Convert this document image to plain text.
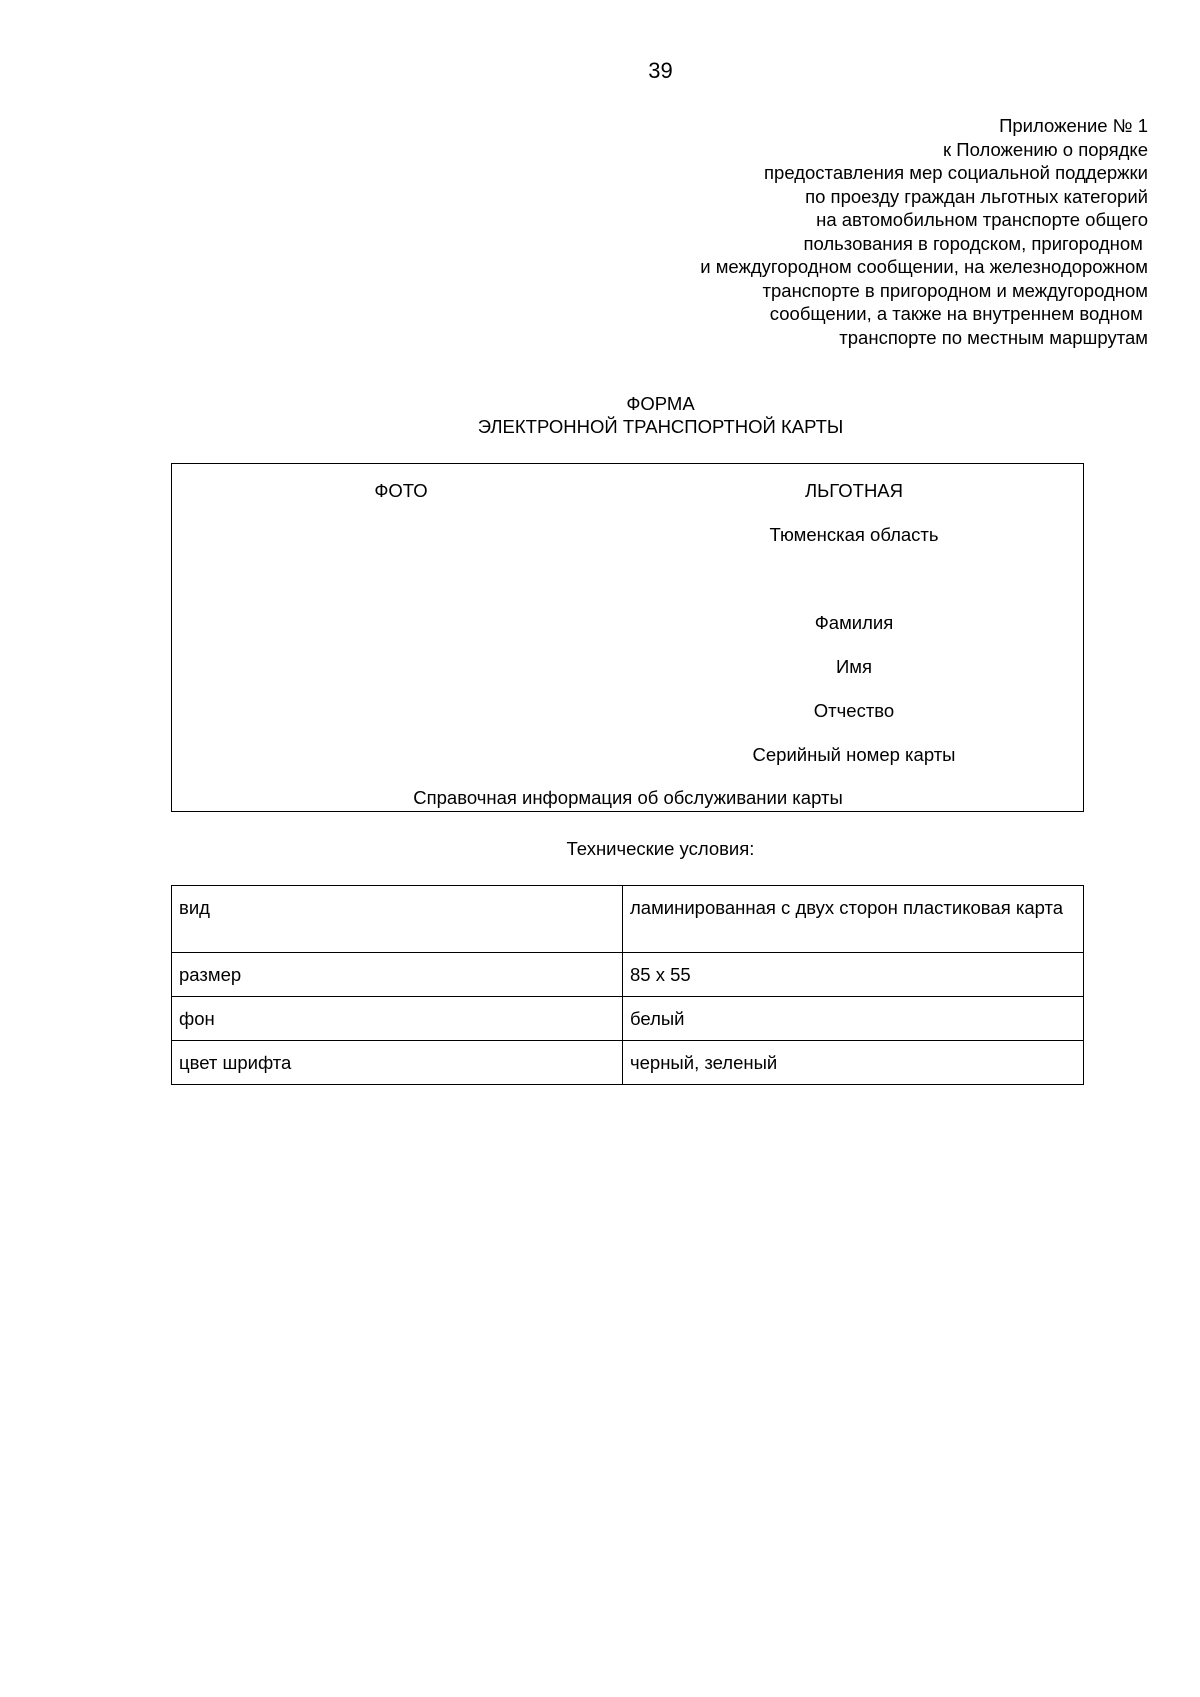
39
Приложение № 1
к Положению о порядке
предоставления мер социальной поддержки
по проезду граждан льготных категорий
на автомобильном транспорте общего
пользования в городском, пригородном
и междугородном сообщении, на железнодорожном
транспорте в пригородном и междугородном
сообщении, а также на внутреннем водном
транспорте по местным маршрутам
ФОРМА
ЭЛЕКТРОННОЙ ТРАНСПОРТНОЙ КАРТЫ
ФОТО	ЛЬГОТНАЯ
Тюменская область
Фамилия
Имя
Отчество
Серийный номер карты
Справочная информация об обслуживании карты
Технические условия:
вид	ламинированная с двух сторон пластиковая карта
размер	85 х 55
фон	белый
цвет шрифта	черный, зеленый
